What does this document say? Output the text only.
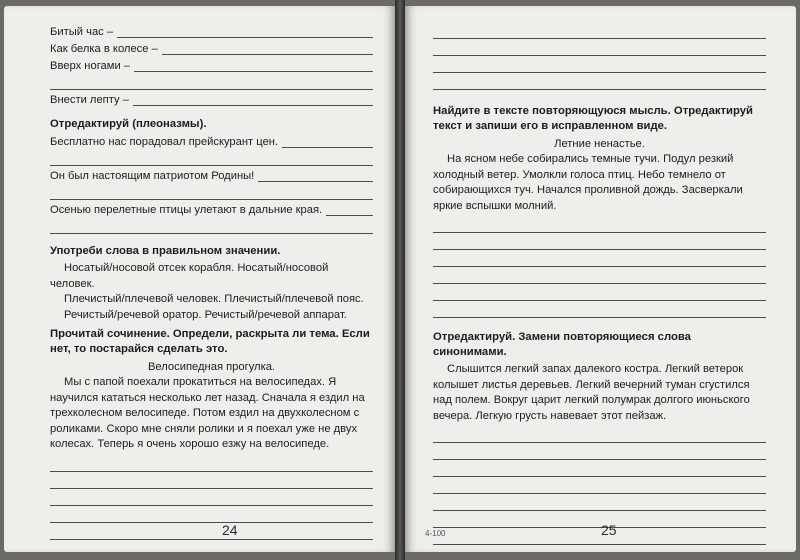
Битый час –
Как белка в колесе –
Вверх ногами –
Внести лепту –
Отредактируй (плеоназмы).
Бесплатно нас порадовал прейскурант цен.
Он был настоящим патриотом Родины!
Осенью перелетные птицы улетают в дальние края.
Употреби слова в правильном значении.

Носатый/носовой отсек корабля. Носатый/носовой человек.

Плечистый/плечевой человек. Плечистый/плечевой пояс.

Речистый/речевой оратор. Речистый/речевой аппарат.

Прочитай сочинение. Определи, раскрыта ли тема. Если нет, то постарайся сделать это.
Велосипедная прогулка.

Мы с папой поехали прокатиться на велосипедах. Я научился кататься несколько лет назад. Сначала я ездил на трехколесном велосипеде. Потом ездил на двухколесном с роликами. Скоро мне сняли ролики и я поехал уже не двух колесах. Теперь я очень хорошо езжу на велосипеде.

24
Найдите в тексте повторяющуюся мысль. Отредактируй текст и запиши его в исправленном виде.
Летние ненастье.

На ясном небе собирались темные тучи. Подул резкий холодный ветер. Умолкли голоса птиц. Небо темнело от собирающихся туч. Начался проливной дождь. Засверкали яркие вспышки молний.

Отредактируй. Замени повторяющиеся слова синонимами.

Слышится легкий запах далекого костра. Легкий ветерок колышет листья деревьев. Легкий вечерний туман сгустился над полем. Вокруг царит легкий полумрак долгого июньского вечера. Легкую грусть навевает этот пейзаж.

4-100	25
